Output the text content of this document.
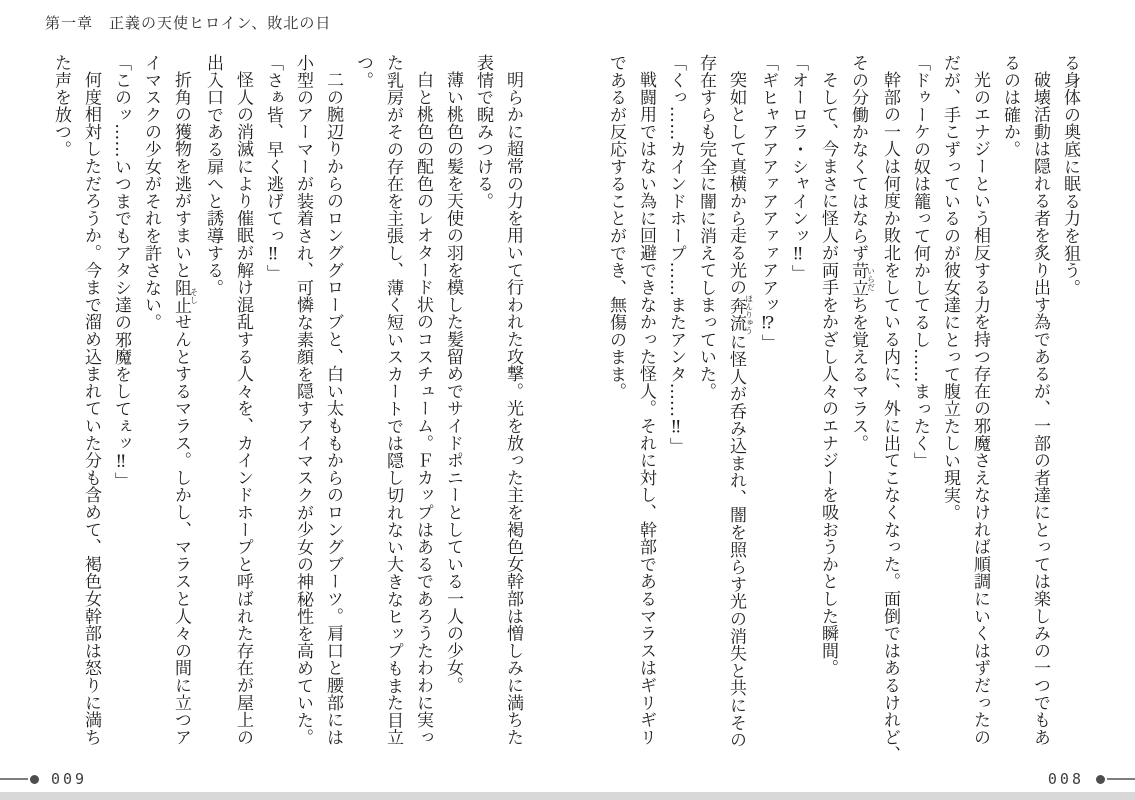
第一章　正義の天使ヒロイン、敗北の日
る身体の奥底に眠る力を狙う。
破壊活動は隠れる者を炙り出す為であるが、一部の者達にとっては楽しみの一つでもあ
るのは確か。
光のエナジーという相反する力を持つ存在の邪魔さえなければ順調にいくはずだったの
だが、手こずっているのが彼女達にとって腹立たしい現実。
「ドゥーケの奴は籠って何かしてるし……まったく」
幹部の一人は何度か敗北をしている内に、外に出てこなくなった。面倒ではあるけれど、
その分働かなくてはならず苛立いらだちを覚えるマラス。
そして、今まさに怪人が両手をかざし人々のエナジーを吸おうかとした瞬間。
「オーロラ・シャインッ‼」
「ギヒャアアアァアアァァアアッ⁉」
突如として真横から走る光の奔流ほんりゅうに怪人が呑み込まれ、闇を照らす光の消失と共にその
存在すらも完全に闇に消えてしまっていた。
「くっ……カインドホープ……またアンタ……‼」
戦闘用ではない為に回避できなかった怪人。それに対し、幹部であるマラスはギリギリ
であるが反応することができ、無傷のまま。
明らかに超常の力を用いて行われた攻撃。光を放った主を褐色女幹部は憎しみに満ちた
表情で睨みつける。
薄い桃色の髪を天使の羽を模した髪留めでサイドポニーとしている一人の少女。
白と桃色の配色のレオタード状のコスチューム。Ｆカップはあるであろうたわわに実っ
た乳房がその存在を主張し、薄く短いスカートでは隠し切れない大きなヒップもまた目立
つ。
二の腕辺りからのロンググローブと、白い太ももからのロングブーツ。肩口と腰部には
小型のアーマーが装着され、可憐な素顔を隠すアイマスクが少女の神秘性を高めていた。
「さぁ皆、早く逃げてっ‼」
怪人の消滅により催眠が解け混乱する人々を、カインドホープと呼ばれた存在が屋上の
出入口である扉へと誘導する。
折角の獲物を逃がすまいと阻止そしせんとするマラス。しかし、マラスと人々の間に立つア
イマスクの少女がそれを許さない。
「このッ……いつまでもアタシ達の邪魔をしてぇッ‼」
何度相対しただろうか。今まで溜め込まれていた分も含めて、褐色女幹部は怒りに満ち
た声を放つ。
009	008
